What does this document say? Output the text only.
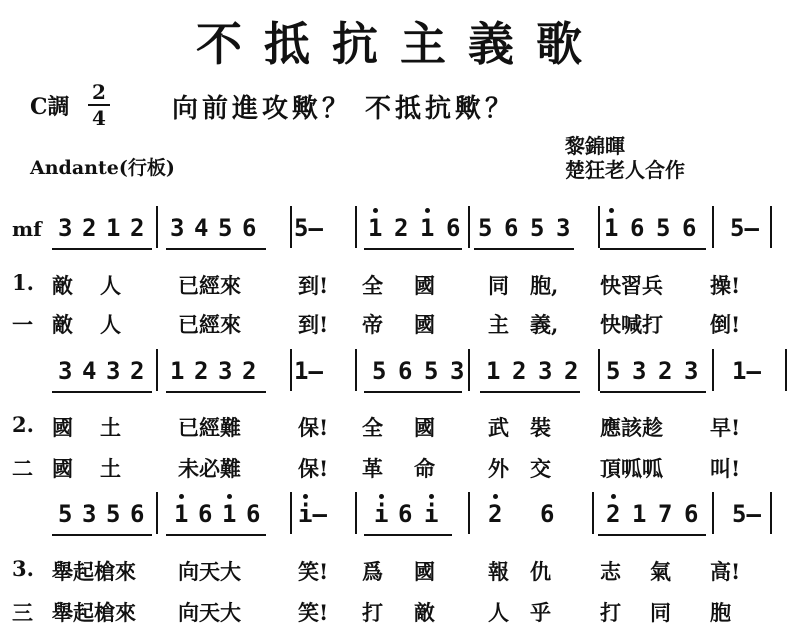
不抵抗主義歌
C調
2
4	向前進攻歟？ 不抵抗歟？
Andante(行板)
黎錦暉
楚狂老人合作
mf 3 2 1 2 3 4 5 6 5— 1 2 1 6 5 6 5 3 1 6 5 6 5—
1. 敵 人	已經來	到! 全 國	同 胞, 快習兵 操!
一 敵 人	已經來	到! 帝 國	主 義, 快喊打 倒!
3 4 3 2 1 2 3 2 1— 5 6 5 3 1 2 3 2 5 3 2 3 1—
2. 國 土	已經難	保! 全 國	武 裝 應該趁 早!
二 國 土	未必難	保! 革 命	外 交 頂呱呱 叫!
5 3 5 6 1 6 1 6 i— i 6 i 2 6 2 1 7 6 5—
3. 舉起槍來 向天大	笑! 爲 國	報 仇 志 氣 高!
三 舉起槍來 向天大	笑! 打 敵	人 乎 打 同 胞
